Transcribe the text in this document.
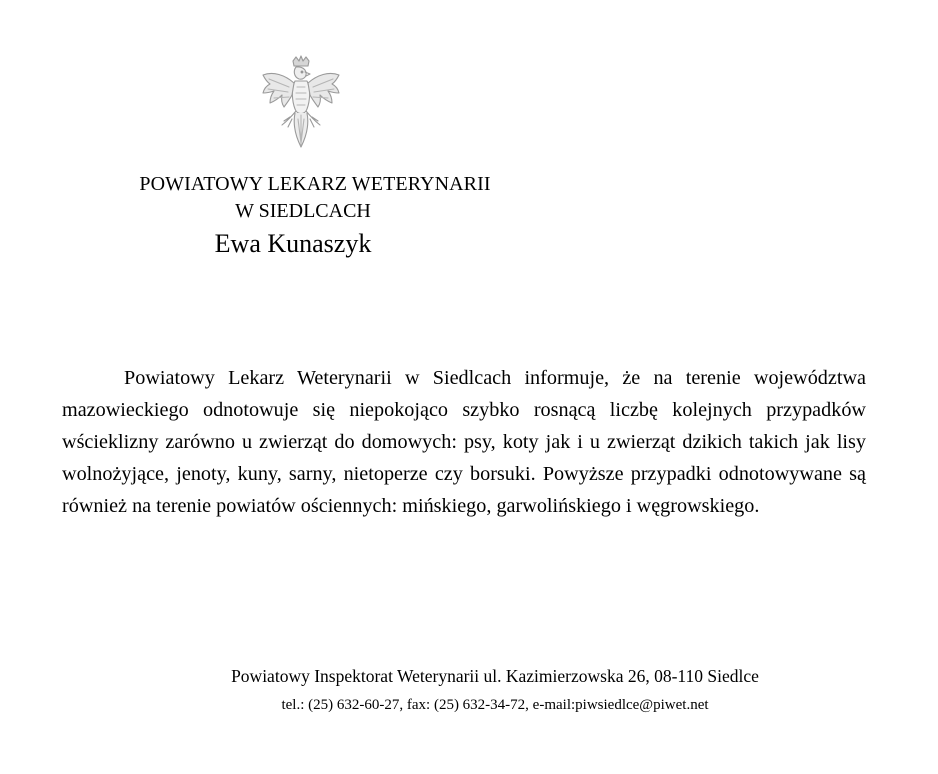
POWIATOWY LEKARZ WETERYNARII
W SIEDLCACH
Ewa Kunaszyk

Powiatowy Lekarz Weterynarii w Siedlcach informuje, że na terenie województwa mazowieckiego odnotowuje się niepokojąco szybko rosnącą liczbę kolejnych przypadków wścieklizny zarówno u zwierząt do domowych: psy, koty jak i u zwierząt dzikich takich jak lisy wolnożyjące, jenoty, kuny, sarny, nietoperze czy borsuki. Powyższe przypadki odnotowywane są również na terenie powiatów ościennych: mińskiego, garwolińskiego i węgrowskiego.

Powiatowy Inspektorat Weterynarii ul. Kazimierzowska 26, 08-110 Siedlce
tel.: (25) 632-60-27, fax: (25) 632-34-72, e-mail:piwsiedlce@piwet.net
